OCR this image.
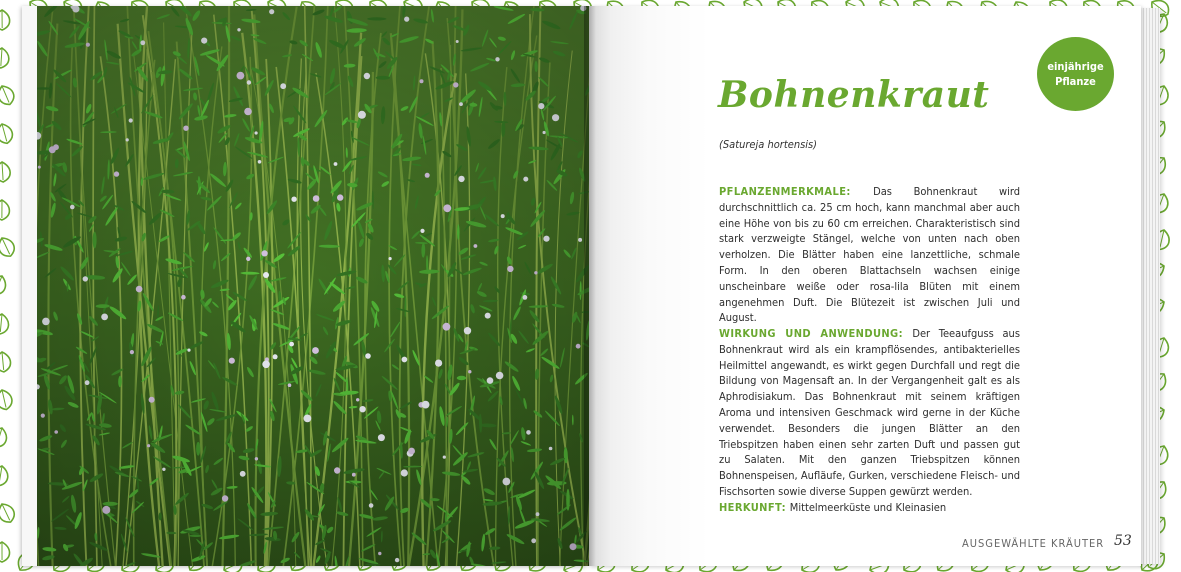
einjährige
Pflanze
Bohnenkraut
(Satureja hortensis)
PFLANZENMERKMALE: Das Bohnenkraut wird durchschnittlich ca. 25 cm hoch, kann manchmal aber auch eine Höhe von bis zu 60 cm erreichen. Charakteristisch sind stark verzweigte Stängel, welche von unten nach oben verholzen. Die Blätter haben eine lanzettliche, schmale Form. In den oberen Blattachseln wachsen einige unscheinbare weiße oder rosa-lila Blüten mit einem angenehmen Duft. Die Blütezeit ist zwischen Juli und August.
WIRKUNG UND ANWENDUNG: Der Teeaufguss aus Bohnenkraut wird als ein krampflösendes, antibakterielles Heilmittel angewandt, es wirkt gegen Durchfall und regt die Bildung von Magensaft an. In der Vergangenheit galt es als Aphrodisiakum. Das Bohnenkraut mit seinem kräftigen Aroma und intensiven Geschmack wird gerne in der Küche verwendet. Besonders die jungen Blätter an den Triebspitzen haben einen sehr zarten Duft und passen gut zu Salaten. Mit den ganzen Triebspitzen können Bohnenspeisen, Aufläufe, Gurken, verschiedene Fleisch- und Fischsorten sowie diverse Suppen gewürzt werden.
HERKUNFT: Mittelmeerküste und Kleinasien
AUSGEWÄHLTE KRÄUTER 53
